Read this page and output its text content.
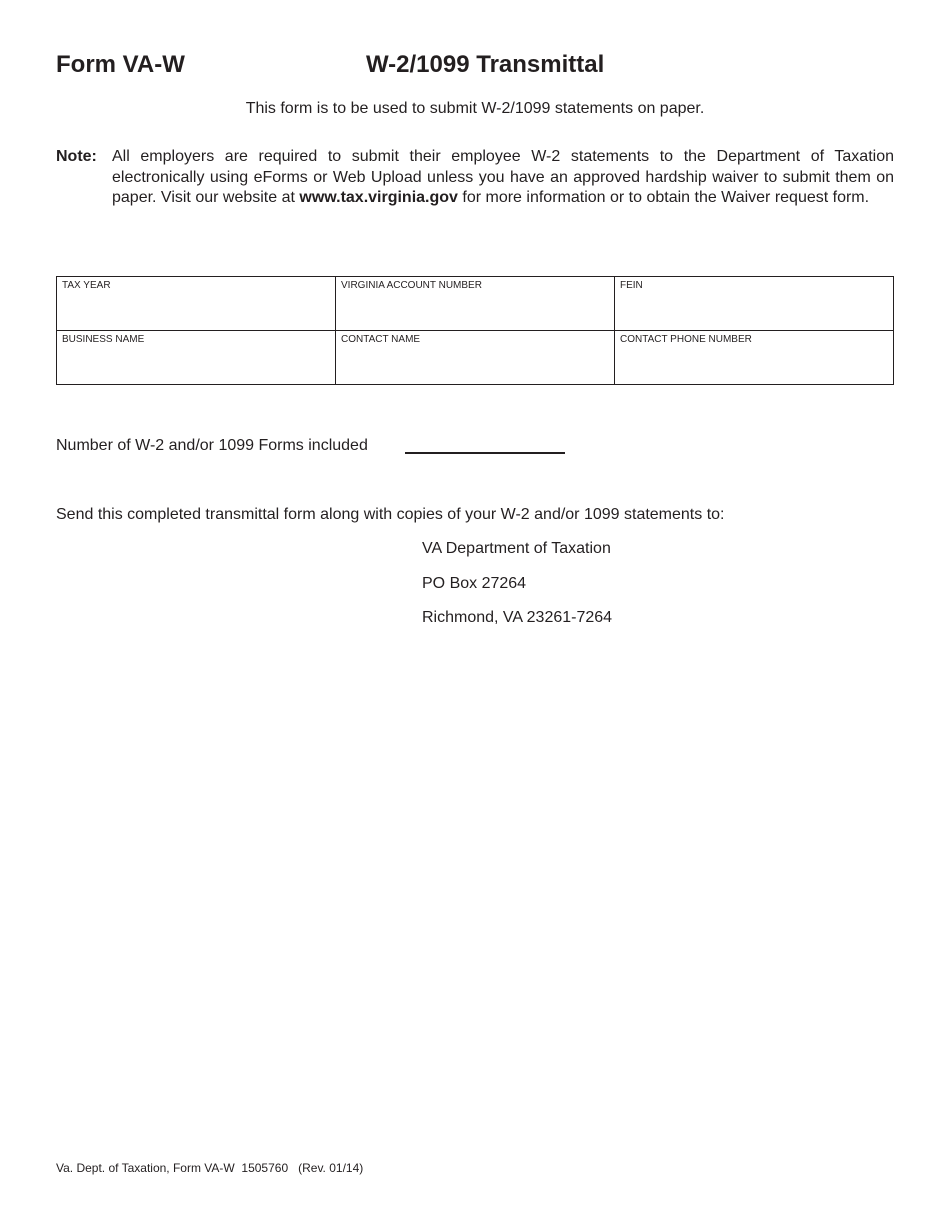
Form VA-W	W-2/1099 Transmittal

This form is to be used to submit W-2/1099 statements on paper.

Note: All employers are required to submit their employee W-2 statements to the Department of Taxation electronically using eForms or Web Upload unless you have an approved hardship waiver to submit them on paper. Visit our website at www.tax.virginia.gov for more information or to obtain the Waiver request form.

TAX YEAR	VIRGINIA ACCOUNT NUMBER	FEIN

BUSINESS NAME	CONTACT NAME	CONTACT PHONE NUMBER
Number of W-2 and/or 1099 Forms included

Send this completed transmittal form along with copies of your W-2 and/or 1099 statements to:

VA Department of Taxation
PO Box 27264
Richmond, VA 23261-7264
Va. Dept. of Taxation, Form VA-W  1505760   (Rev. 01/14)
